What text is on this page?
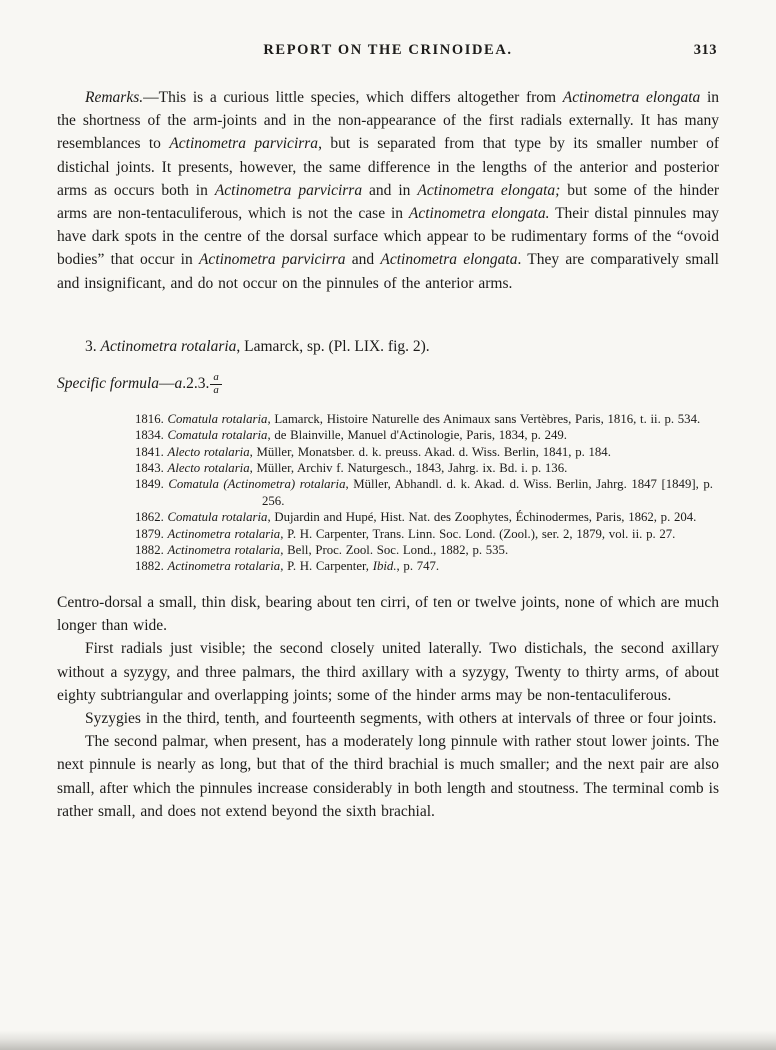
REPORT ON THE CRINOIDEA.	313

Remarks.—This is a curious little species, which differs altogether from Actinometra elongata in the shortness of the arm-joints and in the non-appearance of the first radials externally. It has many resemblances to Actinometra parvicirra, but is separated from that type by its smaller number of distichal joints. It presents, however, the same difference in the lengths of the anterior and posterior arms as occurs both in Actinometra parvicirra and in Actinometra elongata; but some of the hinder arms are non-tentaculiferous, which is not the case in Actinometra elongata. Their distal pinnules may have dark spots in the centre of the dorsal surface which appear to be rudimentary forms of the “ovoid bodies” that occur in Actinometra parvicirra and Actinometra elongata. They are comparatively small and insignificant, and do not occur on the pinnules of the anterior arms.

3. Actinometra rotalaria, Lamarck, sp. (Pl. LIX. fig. 2).

Specific formula—a.2.3. $\frac{a}{a}$

1816. Comatula rotalaria, Lamarck, Histoire Naturelle des Animaux sans Vertèbres, Paris, 1816, t. ii. p. 534.

1834. Comatula rotalaria, de Blainville, Manuel d'Actinologie, Paris, 1834, p. 249.

1841. Alecto rotalaria, Müller, Monatsber. d. k. preuss. Akad. d. Wiss. Berlin, 1841, p. 184.

1843. Alecto rotalaria, Müller, Archiv f. Naturgesch., 1843, Jahrg. ix. Bd. i. p. 136.

1849. Comatula (Actinometra) rotalaria, Müller, Abhandl. d. k. Akad. d. Wiss. Berlin, Jahrg. 1847 [1849], p. 256.

1862. Comatula rotalaria, Dujardin and Hupé, Hist. Nat. des Zoophytes, Échinodermes, Paris, 1862, p. 204.

1879. Actinometra rotalaria, P. H. Carpenter, Trans. Linn. Soc. Lond. (Zool.), ser. 2, 1879, vol. ii. p. 27.

1882. Actinometra rotalaria, Bell, Proc. Zool. Soc. Lond., 1882, p. 535.

1882. Actinometra rotalaria, P. H. Carpenter, Ibid., p. 747.

Centro-dorsal a small, thin disk, bearing about ten cirri, of ten or twelve joints, none of which are much longer than wide.

First radials just visible; the second closely united laterally. Two distichals, the second axillary without a syzygy, and three palmars, the third axillary with a syzygy, Twenty to thirty arms, of about eighty subtriangular and overlapping joints; some of the hinder arms may be non-tentaculiferous.

Syzygies in the third, tenth, and fourteenth segments, with others at intervals of three or four joints.

The second palmar, when present, has a moderately long pinnule with rather stout lower joints. The next pinnule is nearly as long, but that of the third brachial is much smaller; and the next pair are also small, after which the pinnules increase considerably in both length and stoutness. The terminal comb is rather small, and does not extend beyond the sixth brachial.
